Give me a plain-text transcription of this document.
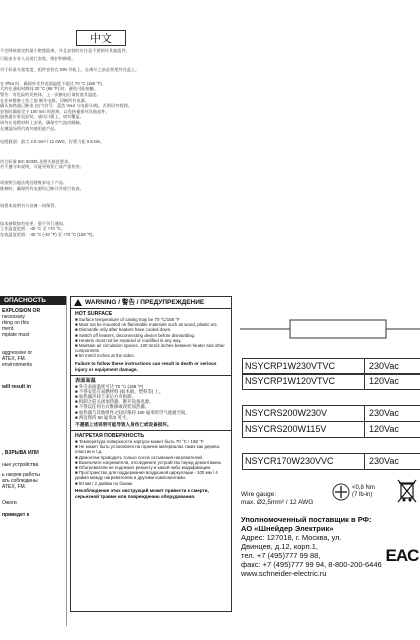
中文
不会降低规定的最小绝缘距离，并且安装时应注意不要损坏其他组件。
只能由专业人员进行安装、维护和修理。
对于标准支架宽度，组件安装在 DIN 导轨上。在离开之前必须把外壳盖上。
在 IP54 时，确保外壳外表面温度不超过 70 °C (158 °F)。
大约在通电时期间 20 °C (68 °F) 时，避免可能接触。
警告：有危险的发热体，上一次断电后请检查其温度。
在任何维修工作之前 断开电源，切断所有电源。
确认加热器已断电 (电气符号：蓝色 Vout 与电源分离)，否则切勿拆卸。
安装时确保至少 100 mm 的距离，以免热量损坏其他部件。
加热器应垂直安装，通风口朝上，请勿覆盖。
请勿在易燃材料上安装，确保空气流动顺畅。
在潮湿场所内请勿使用此产品。
电缆截面：最大 2.5 mm² / 12 AWG，拧紧力矩 0.8 Nm。
符合标准 IEC 60335 及相关规范要求。
若不遵守本说明，可能导致死亡或严重伤害。
请按照当地法规处理废弃电子产品。
维修时，确保所有电源均已断开并进行检查。
请将本说明书与设备一同保管。
技术参数如有变更，恕不另行通知。
工作温度范围：-40 °C 至 +70 °C。
存放温度范围：-40 °C (-40 °F) 至 +70 °C (158 °F)。
ОПАСНОСТЬ
EXPLOSION OR
necessary.
rking on this
ment.
mplate must
aggressive or
ATEX, FM.
environments
will result in
, ВЗРЫВА ИЛИ
ные устройства
ь нагрев работы
ать соблюдены
ATEX, FM.
Ожоги
приведет к
WARNING / 警告 / ПРЕДУПРЕЖДЕНИЕ
HOT SURFACE
■ Surface temperature of casing may be 70 °C/158 °F
■ Must not be mounted on flammable materials such as wood, plastic etc.
■ Dismantle only after heaters have cooled down.
■ Switch off heaters, disconnecting device before dismantling.
■ Heaters must not be repaired or modified in any way.
■ Maintain air circulation spaces, 100 mm/4 inches between heater and other components
■ 50 mm/2 inches at the sides.
Failure to follow these instructions can result in death or serious injury or equipment damage.
表面高温
■ 外壳表面温度可达 70 °C (158 °F)
■ 不得安装在易燃材料 (如木板、塑料等) 上。
■ 加热器冷却下来后方可拆卸。
■ 拆卸之前关闭加热器，断开设备电源。
■ 不得以任何方式维修或改装加热器。
■ 加热器与其他组件之间应保持 100 毫米的空气流通空间。
■ 两边保持 50 毫米/2 英寸。
不遵循上述说明可能导致人身伤亡或设备损坏。
НАГРЕТАЯ ПОВЕРХНОСТЬ
■ Температура поверхности корпуса может быть 70 °C / 158 °F.
■ Не может быть установлен на горючих материалах таких как дерево, пластик и т.д.
■ Демонтаж проводить только после остывания нагревателей.
■ Выключите нагреватели, отсоедините устройство перед демонтажем.
■ Обогреватели не подлежат ремонту и какой-либо модификации.
■ Пространство для поддержания воздушной циркуляции - 100 мм / 4 дюйма между нагревателем и другими компонентами.
■ 50 мм / 2 дюйма по бокам.
Несоблюдение этих инструкций может привести к смерти, серьезной травме или повреждению оборудования.
NSYCRP1W230VTVC	230Vac
NSYCRP1W120VTVC	120Vac
NSYCRS200W230V	230Vac
NSYCRS200W115V	120Vac
NSYCR170W230VVC	230Vac
Wire gauge:
max. Ø2,5mm² / 12 AWG
<0,8 Nm
(7 lb-in)
Уполномоченный поставщик в РФ:
АО «Шнейдер Электрик»
Адрес: 127018, г. Москва, ул.
Двинцев, д.12, корп.1,
тел. +7 (495)777 99 88,
факс: +7 (495)777 99 94, 8-800-200-6446
www.schneider-electric.ru
EAC
